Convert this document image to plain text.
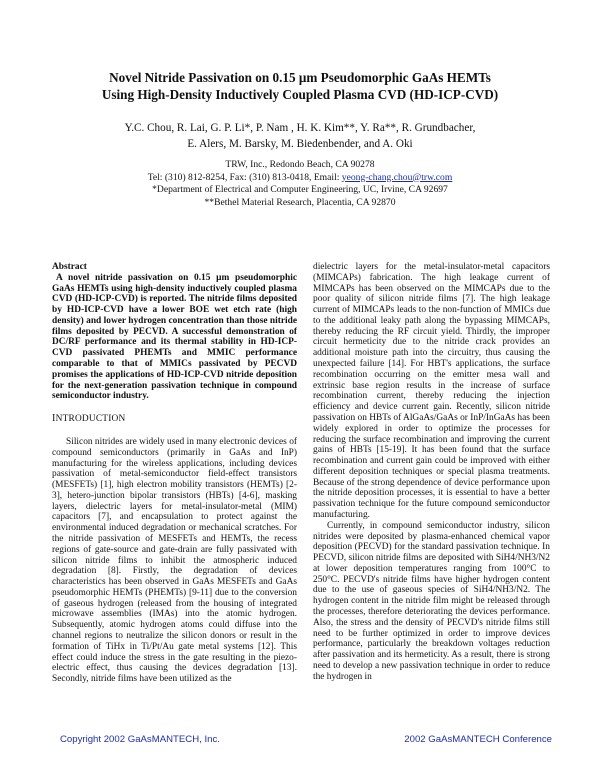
Novel Nitride Passivation on 0.15 μm Pseudomorphic GaAs HEMTs
Using High-Density Inductively Coupled Plasma CVD (HD-ICP-CVD)
Y.C. Chou, R. Lai, G. P. Li*, P. Nam , H. K. Kim**, Y. Ra**, R. Grundbacher,
E. Alers, M. Barsky, M. Biedenbender, and A. Oki
TRW, Inc., Redondo Beach, CA 90278
Tel: (310) 812-8254, Fax: (310) 813-0418, Email: yeong-chang.chou@trw.com
*Department of Electrical and Computer Engineering, UC, Irvine, CA 92697
**Bethel Material Research, Placentia, CA 92870
Abstract

A novel nitride passivation on 0.15 μm pseudomorphic GaAs HEMTs using high-density inductively coupled plasma CVD (HD-ICP-CVD) is reported. The nitride films deposited by HD-ICP-CVD have a lower BOE wet etch rate (high density) and lower hydrogen concentration than those nitride films deposited by PECVD. A successful demonstration of DC/RF performance and its thermal stability in HD-ICP-CVD passivated PHEMTs and MMIC performance comparable to that of MMICs passivated by PECVD promises the applications of HD-ICP-CVD nitride deposition for the next-generation passivation technique in compound semiconductor industry.

INTRODUCTION

Silicon nitrides are widely used in many electronic devices of compound semiconductors (primarily in GaAs and InP) manufacturing for the wireless applications, including devices passivation of metal-semiconductor field-effect transistors (MESFETs) [1], high electron mobility transistors (HEMTs) [2-3], hetero-junction bipolar transistors (HBTs) [4-6], masking layers, dielectric layers for metal-insulator-metal (MIM) capacitors [7], and encapsulation to protect against the environmental induced degradation or mechanical scratches. For the nitride passivation of MESFETs and HEMTs, the recess regions of gate-source and gate-drain are fully passivated with silicon nitride films to inhibit the atmospheric induced degradation [8]. Firstly, the degradation of devices characteristics has been observed in GaAs MESFETs and GaAs pseudomorphic HEMTs (PHEMTs) [9-11] due to the conversion of gaseous hydrogen (released from the housing of integrated microwave assemblies (IMAs) into the atomic hydrogen. Subsequently, atomic hydrogen atoms could diffuse into the channel regions to neutralize the silicon donors or result in the formation of TiHx in Ti/Pt/Au gate metal systems [12]. This effect could induce the stress in the gate resulting in the piezo-electric effect, thus causing the devices degradation [13]. Secondly, nitride films have been utilized as the

dielectric layers for the metal-insulator-metal capacitors (MIMCAPs) fabrication. The high leakage current of MIMCAPs has been observed on the MIMCAPs due to the poor quality of silicon nitride films [7]. The high leakage current of MIMCAPs leads to the non-function of MMICs due to the additional leaky path along the bypassing MIMCAPs, thereby reducing the RF circuit yield. Thirdly, the improper circuit hermeticity due to the nitride crack provides an additional moisture path into the circuitry, thus causing the unexpected failure [14]. For HBT's applications, the surface recombination occurring on the emitter mesa wall and extrinsic base region results in the increase of surface recombination current, thereby reducing the injection efficiency and device current gain. Recently, silicon nitride passivation on HBTs of AlGaAs/GaAs or InP/InGaAs has been widely explored in order to optimize the processes for reducing the surface recombination and improving the current gains of HBTs [15-19]. It has been found that the surface recombination and current gain could be improved with either different deposition techniques or special plasma treatments. Because of the strong dependence of device performance upon the nitride deposition processes, it is essential to have a better passivation technique for the future compound semiconductor manufacturing.

Currently, in compound semiconductor industry, silicon nitrides were deposited by plasma-enhanced chemical vapor deposition (PECVD) for the standard passivation technique. In PECVD, silicon nitride films are deposited with SiH4/NH3/N2 at lower deposition temperatures ranging from 100°C to 250°C. PECVD's nitride films have higher hydrogen content due to the use of gaseous species of SiH4/NH3/N2. The hydrogen content in the nitride film might be released through the processes, therefore deteriorating the devices performance. Also, the stress and the density of PECVD's nitride films still need to be further optimized in order to improve devices performance, particularly the breakdown voltages reduction after passivation and its hermeticity. As a result, there is strong need to develop a new passivation technique in order to reduce the hydrogen in

Copyright 2002 GaAsMANTECH, Inc.	2002 GaAsMANTECH Conference
